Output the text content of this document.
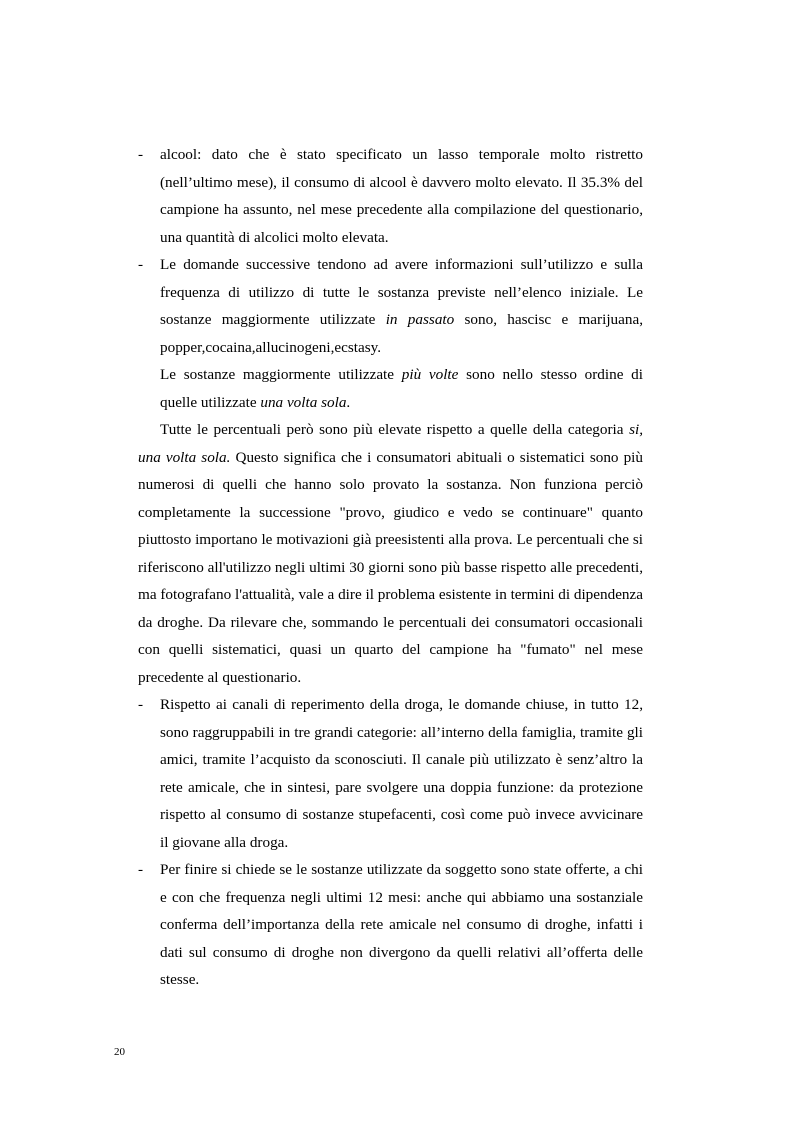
- alcool: dato che è stato specificato un lasso temporale molto ristretto (nell’ultimo mese), il consumo di alcool è davvero molto elevato. Il 35.3% del campione ha assunto, nel mese precedente alla compilazione del questionario, una quantità di alcolici molto elevata.

- Le domande successive tendono ad avere informazioni sull’utilizzo e sulla frequenza di utilizzo di tutte le sostanza previste nell’elenco iniziale. Le sostanze maggiormente utilizzate in passato sono, hascisc e marijuana, popper,cocaina,allucinogeni,ecstasy.

Le sostanze maggiormente utilizzate più volte sono nello stesso ordine di quelle utilizzate una volta sola.

Tutte le percentuali però sono più elevate rispetto a quelle della categoria si, una volta sola. Questo significa che i consumatori abituali o sistematici sono più numerosi di quelli che hanno solo provato la sostanza. Non funziona perciò completamente la successione "provo, giudico e vedo se continuare" quanto piuttosto importano le motivazioni già preesistenti alla prova. Le percentuali che si riferiscono all'utilizzo negli ultimi 30 giorni sono più basse rispetto alle precedenti, ma fotografano l'attualità, vale a dire il problema esistente in termini di dipendenza da droghe. Da rilevare che, sommando le percentuali dei consumatori occasionali con quelli sistematici, quasi un quarto del campione ha "fumato" nel mese precedente al questionario.

- Rispetto ai canali di reperimento della droga, le domande chiuse, in tutto 12, sono raggruppabili in tre grandi categorie: all’interno della famiglia, tramite gli amici, tramite l’acquisto da sconosciuti. Il canale più utilizzato è senz’altro la rete amicale, che in sintesi, pare svolgere una doppia funzione: da protezione rispetto al consumo di sostanze stupefacenti, così come può invece avvicinare il giovane alla droga.

- Per finire si chiede se le sostanze utilizzate da soggetto sono state offerte, a chi e con che frequenza negli ultimi 12 mesi: anche qui abbiamo una sostanziale conferma dell’importanza della rete amicale nel consumo di droghe, infatti i dati sul consumo di droghe non divergono da quelli relativi all’offerta delle stesse.

20
